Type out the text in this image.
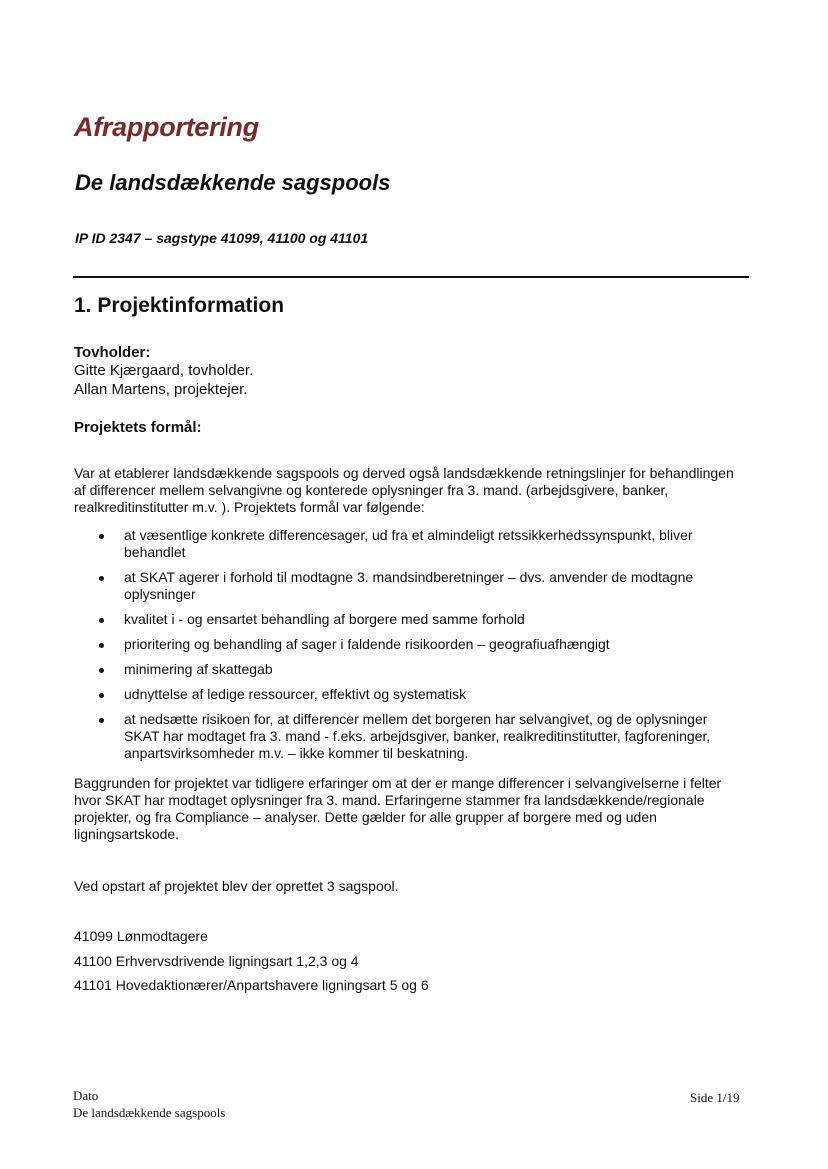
Afrapportering
De landsdækkende sagspools
IP ID 2347 – sagstype 41099, 41100 og 41101
1. Projektinformation
Tovholder:
Gitte Kjærgaard, tovholder.
Allan Martens, projektejer.
Projektets formål:

Var at etablerer landsdækkende sagspools og derved også landsdækkende retningslinjer for behandlingen af differencer mellem selvangivne og konterede oplysninger fra 3. mand. (arbejdsgivere, banker, realkreditinstitutter m.v. ). Projektets formål var følgende:

at væsentlige konkrete differencesager, ud fra et almindeligt retssikkerhedssynspunkt, bliver behandlet
at SKAT agerer i forhold til modtagne 3. mandsindberetninger – dvs. anvender de modtagne oplysninger
kvalitet i - og ensartet behandling af borgere med samme forhold
prioritering og behandling af sager i faldende risikoorden – geografiuafhængigt
minimering af skattegab
udnyttelse af ledige ressourcer, effektivt og systematisk
at nedsætte risikoen for, at differencer mellem det borgeren har selvangivet, og de oplysninger SKAT har modtaget fra 3. mand - f.eks. arbejdsgiver, banker, realkreditinstitutter, fagforeninger, anpartsvirksomheder m.v. – ikke kommer til beskatning.

Baggrunden for projektet var tidligere erfaringer om at der er mange differencer i selvangivelserne i felter hvor SKAT har modtaget oplysninger fra 3. mand. Erfaringerne stammer fra landsdækkende/regionale projekter, og fra Compliance – analyser. Dette gælder for alle grupper af borgere med og uden ligningsartskode.

Ved opstart af projektet blev der oprettet 3 sagspool.
41099 Lønmodtagere
41100 Erhvervsdrivende ligningsart 1,2,3 og 4
41101 Hovedaktionærer/Anpartshavere ligningsart 5 og 6
Dato
De landsdækkende sagspools
Side 1/19
